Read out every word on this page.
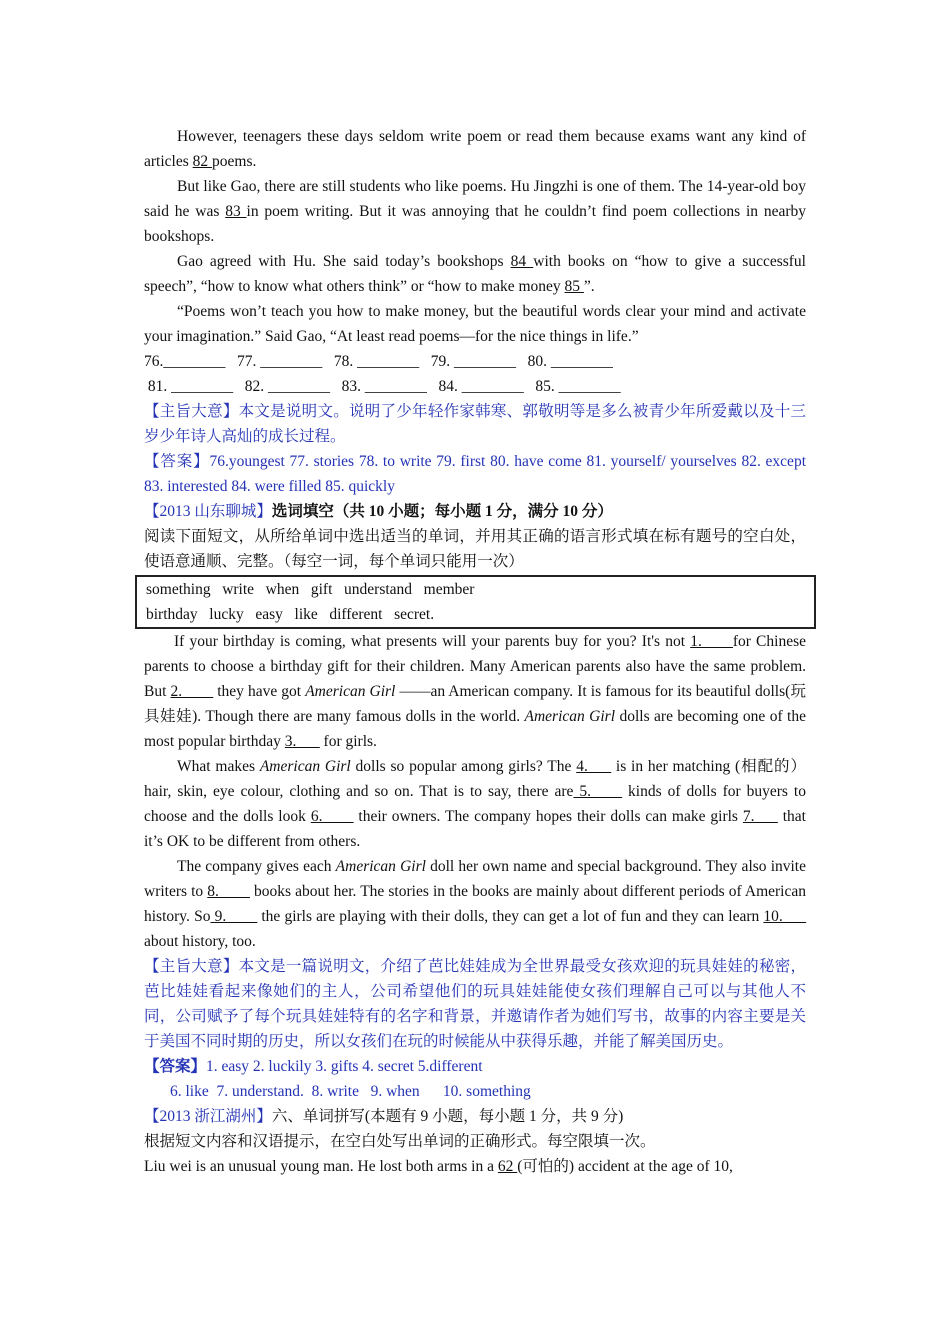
However, teenagers these days seldom write poem or read them because exams want any kind of articles 82 poems.

But like Gao, there are still students who like poems. Hu Jingzhi is one of them. The 14-year-old boy said he was 83 in poem writing. But it was annoying that he couldn’t find poem collections in nearby bookshops.

Gao agreed with Hu. She said today’s bookshops 84 with books on “how to give a successful speech”, “how to know what others think” or “how to make money 85 ”.

“Poems won’t teach you how to make money, but the beautiful words clear your mind and activate your imagination.” Said Gao, “At least read poems—for the nice things in life.”

76.________   77. ________   78. ________   79. ________   80. ________

81. ________   82. ________   83. ________   84. ________   85. ________

【主旨大意】本文是说明文。说明了少年轻作家韩寒、郭敬明等是多么被青少年所爱戴以及十三岁少年诗人高灿的成长过程。

【答案】76.youngest 77. stories 78. to write 79. first 80. have come 81. yourself/ yourselves 82. except 83. interested 84. were filled 85. quickly

【2013 山东聊城】选词填空（共 10 小题；每小题 1 分，满分 10 分）

阅读下面短文，从所给单词中选出适当的单词，并用其正确的语言形式填在标有题号的空白处，使语意通顺、完整。（每空一词，每个单词只能用一次）

something   write   when   gift   understand   member
birthday   lucky   easy   like   different   secret.

If your birthday is coming, what presents will your parents buy for you? It's not 1.____for Chinese parents to choose a birthday gift for their children. Many American parents also have the same problem. But 2.____ they have got American Girl ——an American company. It is famous for its beautiful dolls(玩具娃娃). Though there are many famous dolls in the world. American Girl dolls are becoming one of the most popular birthday 3.___ for girls.

What makes American Girl dolls so popular among girls? The 4.___ is in her matching (相配的）hair, skin, eye colour, clothing and so on. That is to say, there are 5.____ kinds of dolls for buyers to choose and the dolls look 6.____ their owners. The company hopes their dolls can make girls 7.___ that it’s OK to be different from others.

The company gives each American Girl doll her own name and special background. They also invite writers to 8.____ books about her. The stories in the books are mainly about different periods of American history. So 9.____ the girls are playing with their dolls, they can get a lot of fun and they can learn 10.___ about history, too.

【主旨大意】本文是一篇说明文，介绍了芭比娃娃成为全世界最受女孩欢迎的玩具娃娃的秘密，芭比娃娃看起来像她们的主人，公司希望他们的玩具娃娃能使女孩们理解自己可以与其他人不同，公司赋予了每个玩具娃娃特有的名字和背景，并邀请作者为她们写书，故事的内容主要是关于美国不同时期的历史，所以女孩们在玩的时候能从中获得乐趣，并能了解美国历史。

【答案】1. easy 2. luckily 3. gifts 4. secret 5.different

6. like  7. understand.  8. write   9. when      10. something

【2013 浙江湖州】六、单词拼写(本题有 9 小题，每小题 1 分，共 9 分)

根据短文内容和汉语提示，在空白处写出单词的正确形式。每空限填一次。

Liu wei is an unusual young man. He lost both arms in a 62 (可怕的) accident at the age of 10,
